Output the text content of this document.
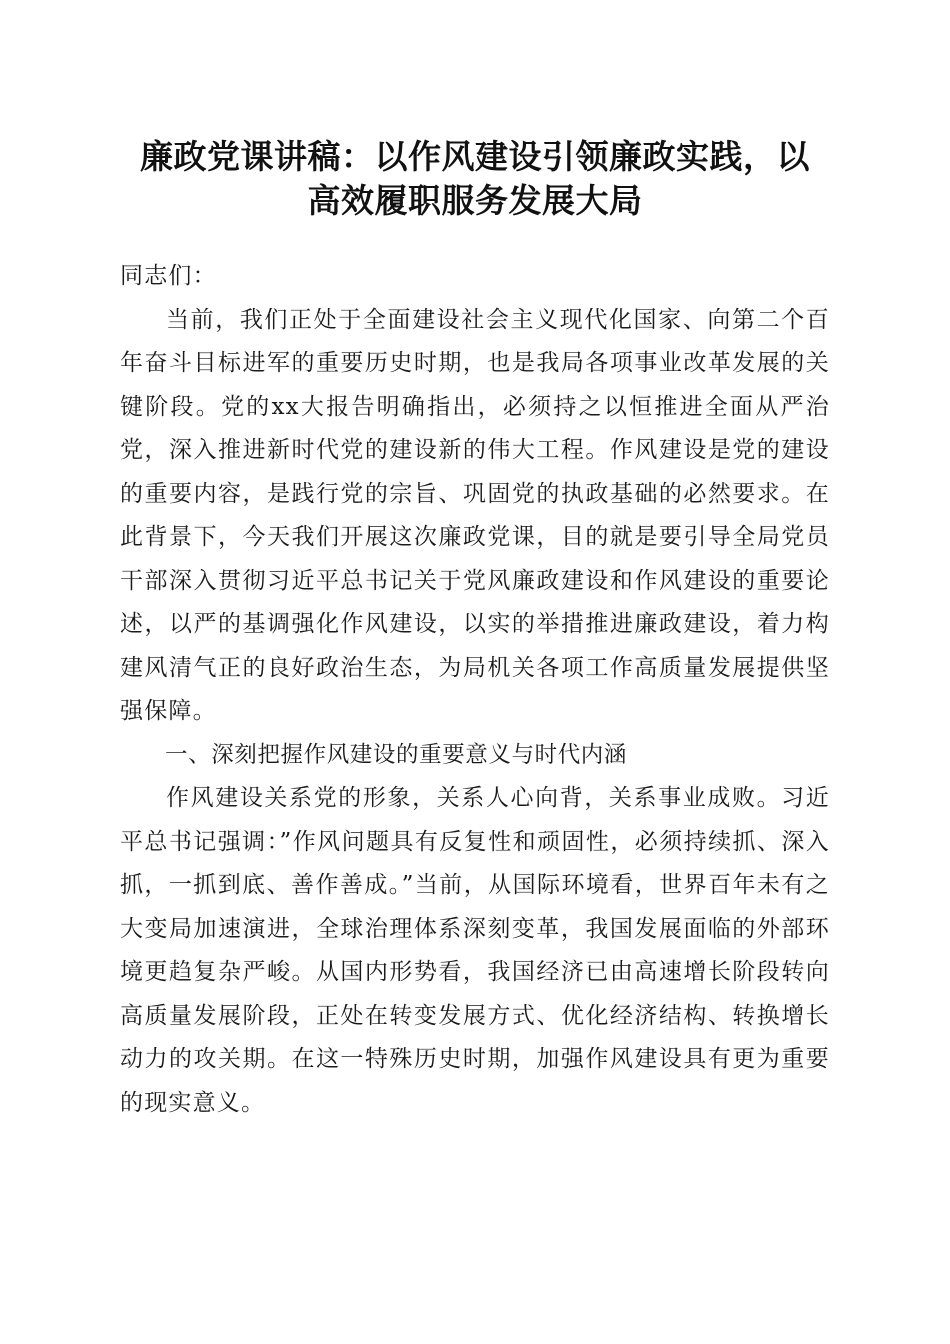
廉政党课讲稿：以作风建设引领廉政实践，以
高效履职服务发展大局

同志们：

当前，我们正处于全面建设社会主义现代化国家、向第二个百年奋斗目标进军的重要历史时期，也是我局各项事业改革发展的关键阶段。党的xx大报告明确指出，必须持之以恒推进全面从严治党，深入推进新时代党的建设新的伟大工程。作风建设是党的建设的重要内容，是践行党的宗旨、巩固党的执政基础的必然要求。在此背景下，今天我们开展这次廉政党课，目的就是要引导全局党员干部深入贯彻习近平总书记关于党风廉政建设和作风建设的重要论述，以严的基调强化作风建设，以实的举措推进廉政建设，着力构建风清气正的良好政治生态，为局机关各项工作高质量发展提供坚强保障。

一、深刻把握作风建设的重要意义与时代内涵

作风建设关系党的形象，关系人心向背，关系事业成败。习近平总书记强调：”作风问题具有反复性和顽固性，必须持续抓、深入抓，一抓到底、善作善成。”当前，从国际环境看，世界百年未有之大变局加速演进，全球治理体系深刻变革，我国发展面临的外部环境更趋复杂严峻。从国内形势看，我国经济已由高速增长阶段转向高质量发展阶段，正处在转变发展方式、优化经济结构、转换增长动力的攻关期。在这一特殊历史时期，加强作风建设具有更为重要的现实意义。
